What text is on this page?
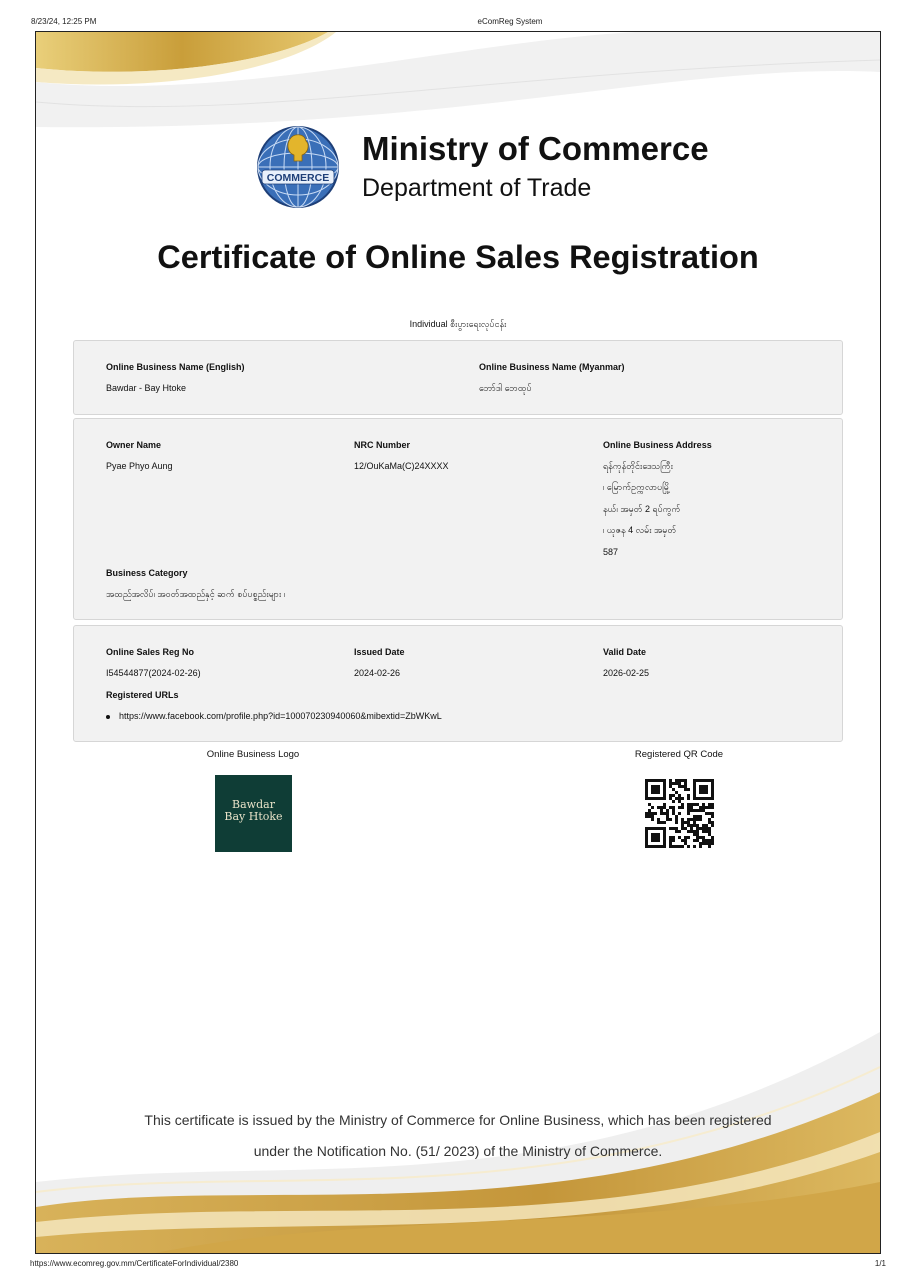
8/23/24, 12:25 PM	eComReg System
COMMERCE
Ministry of Commerce
Department of Trade
Certificate of Online Sales Registration
Individual စီးပွားရေးလုပ်ငန်း
Online Business Name (English)
Bawdar - Bay Htoke
Online Business Name (Myanmar)
ဘော်ဒါ ဘေထုပ်
Owner Name
Pyae Phyo Aung
NRC Number
12/OuKaMa(C)24XXXX
Online Business Address
ရန်ကုန်တိုင်းဒေသကြီး
၊ မြောက်ဥက္ကလာပမြို့
နယ်၊ အမှတ် 2 ရပ်ကွက်
၊ ယုဇန 4 လမ်း အမှတ်
587
Business Category
အထည်အလိပ်၊ အဝတ်အထည်နှင့် ဆက် စပ်ပစ္စည်းများ ၊
Online Sales Reg No
I54544877(2024-02-26)
Issued Date
2024-02-26
Valid Date
2026-02-25
Registered URLs
https://www.facebook.com/profile.php?id=100070230940060&mibextid=ZbWKwL
Online Business Logo
Bawdar
Bay Htoke
Registered QR Code
This certificate is issued by the Ministry of Commerce for Online Business, which has been registered
under the Notification No. (51/ 2023) of the Ministry of Commerce.
https://www.ecomreg.gov.mm/CertificateForIndividual/2380	1/1
